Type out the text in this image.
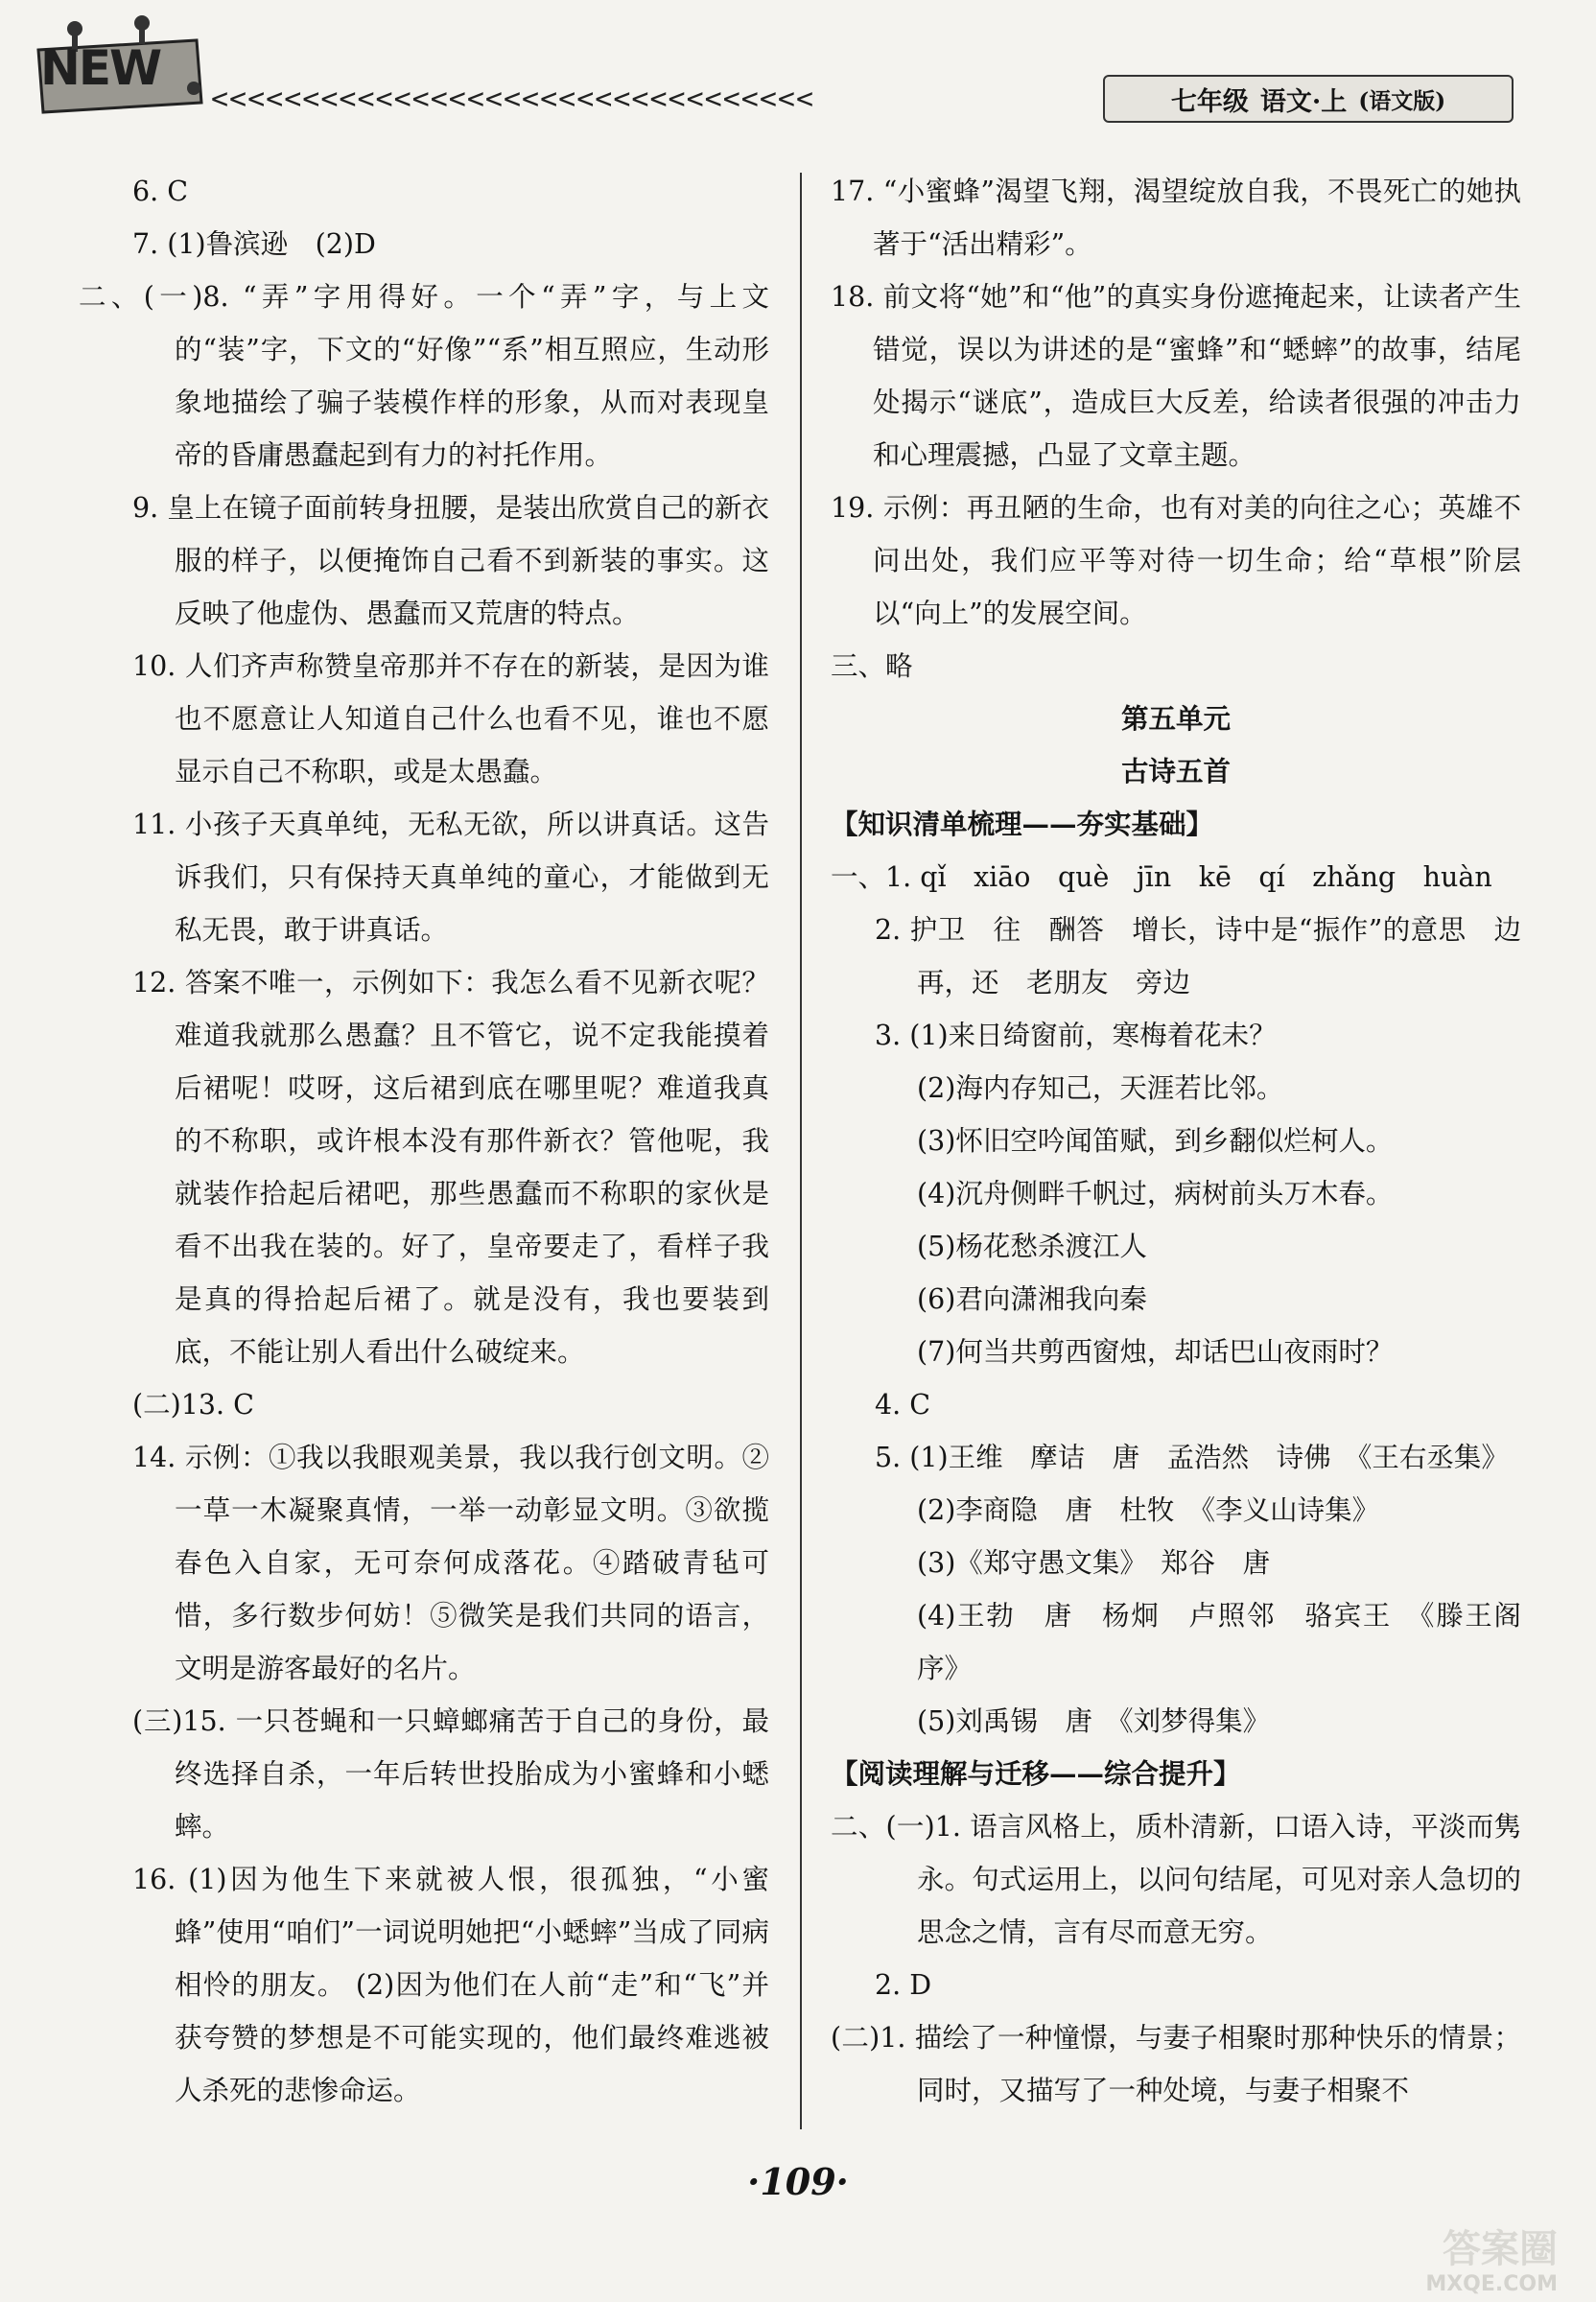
NEW
<<<<<<<<<<<<<<<<<<<<<<<<<<<<<<<<<	七年级 语文·上 (语文版)

6. C

7. (1)鲁滨逊　(2)D

二、(一)8. “弄”字用得好。一个“弄”字，与上文的“装”字，下文的“好像”“系”相互照应，生动形象地描绘了骗子装模作样的形象，从而对表现皇帝的昏庸愚蠢起到有力的衬托作用。

9. 皇上在镜子面前转身扭腰，是装出欣赏自己的新衣服的样子，以便掩饰自己看不到新装的事实。这反映了他虚伪、愚蠢而又荒唐的特点。

10. 人们齐声称赞皇帝那并不存在的新装，是因为谁也不愿意让人知道自己什么也看不见，谁也不愿显示自己不称职，或是太愚蠢。

11. 小孩子天真单纯，无私无欲，所以讲真话。这告诉我们，只有保持天真单纯的童心，才能做到无私无畏，敢于讲真话。

12. 答案不唯一，示例如下：我怎么看不见新衣呢？难道我就那么愚蠢？且不管它，说不定我能摸着后裙呢！哎呀，这后裙到底在哪里呢？难道我真的不称职，或许根本没有那件新衣？管他呢，我就装作拾起后裙吧，那些愚蠢而不称职的家伙是看不出我在装的。好了，皇帝要走了，看样子我是真的得拾起后裙了。就是没有，我也要装到底，不能让别人看出什么破绽来。

(二)13. C

14. 示例：①我以我眼观美景，我以我行创文明。②一草一木凝聚真情，一举一动彰显文明。③欲揽春色入自家，无可奈何成落花。④踏破青毡可惜，多行数步何妨！⑤微笑是我们共同的语言，文明是游客最好的名片。

(三)15. 一只苍蝇和一只蟑螂痛苦于自己的身份，最终选择自杀，一年后转世投胎成为小蜜蜂和小蟋蟀。

16. (1)因为他生下来就被人恨，很孤独，“小蜜蜂”使用“咱们”一词说明她把“小蟋蟀”当成了同病相怜的朋友。 (2)因为他们在人前“走”和“飞”并获夸赞的梦想是不可能实现的，他们最终难逃被人杀死的悲惨命运。

17. “小蜜蜂”渴望飞翔，渴望绽放自我，不畏死亡的她执著于“活出精彩”。

18. 前文将“她”和“他”的真实身份遮掩起来，让读者产生错觉，误以为讲述的是“蜜蜂”和“蟋蟀”的故事，结尾处揭示“谜底”，造成巨大反差，给读者很强的冲击力和心理震撼，凸显了文章主题。

19. 示例：再丑陋的生命，也有对美的向往之心；英雄不问出处，我们应平等对待一切生命；给“草根”阶层以“向上”的发展空间。

三、略

第五单元

古诗五首

【知识清单梳理——夯实基础】

一、1. qǐ　xiāo　què　jīn　kē　qí　zhǎng　huàn

2. 护卫　往　酬答　增长，诗中是“振作”的意思　边　再，还　老朋友　旁边

3. (1)来日绮窗前，寒梅着花未？

(2)海内存知己，天涯若比邻。

(3)怀旧空吟闻笛赋，到乡翻似烂柯人。

(4)沉舟侧畔千帆过，病树前头万木春。

(5)杨花愁杀渡江人

(6)君向潇湘我向秦

(7)何当共剪西窗烛，却话巴山夜雨时？

4. C

5. (1)王维　摩诘　唐　孟浩然　诗佛　《王右丞集》

(2)李商隐　唐　杜牧　《李义山诗集》

(3)《郑守愚文集》　郑谷　唐

(4)王勃　唐　杨炯　卢照邻　骆宾王　《滕王阁序》

(5)刘禹锡　唐　《刘梦得集》

【阅读理解与迁移——综合提升】

二、(一)1. 语言风格上，质朴清新，口语入诗，平淡而隽永。句式运用上，以问句结尾，可见对亲人急切的思念之情，言有尽而意无穷。

2. D

(二)1. 描绘了一种憧憬，与妻子相聚时那种快乐的情景；同时，又描写了一种处境，与妻子相聚不

·109·
答案圈
MXQE.COM
